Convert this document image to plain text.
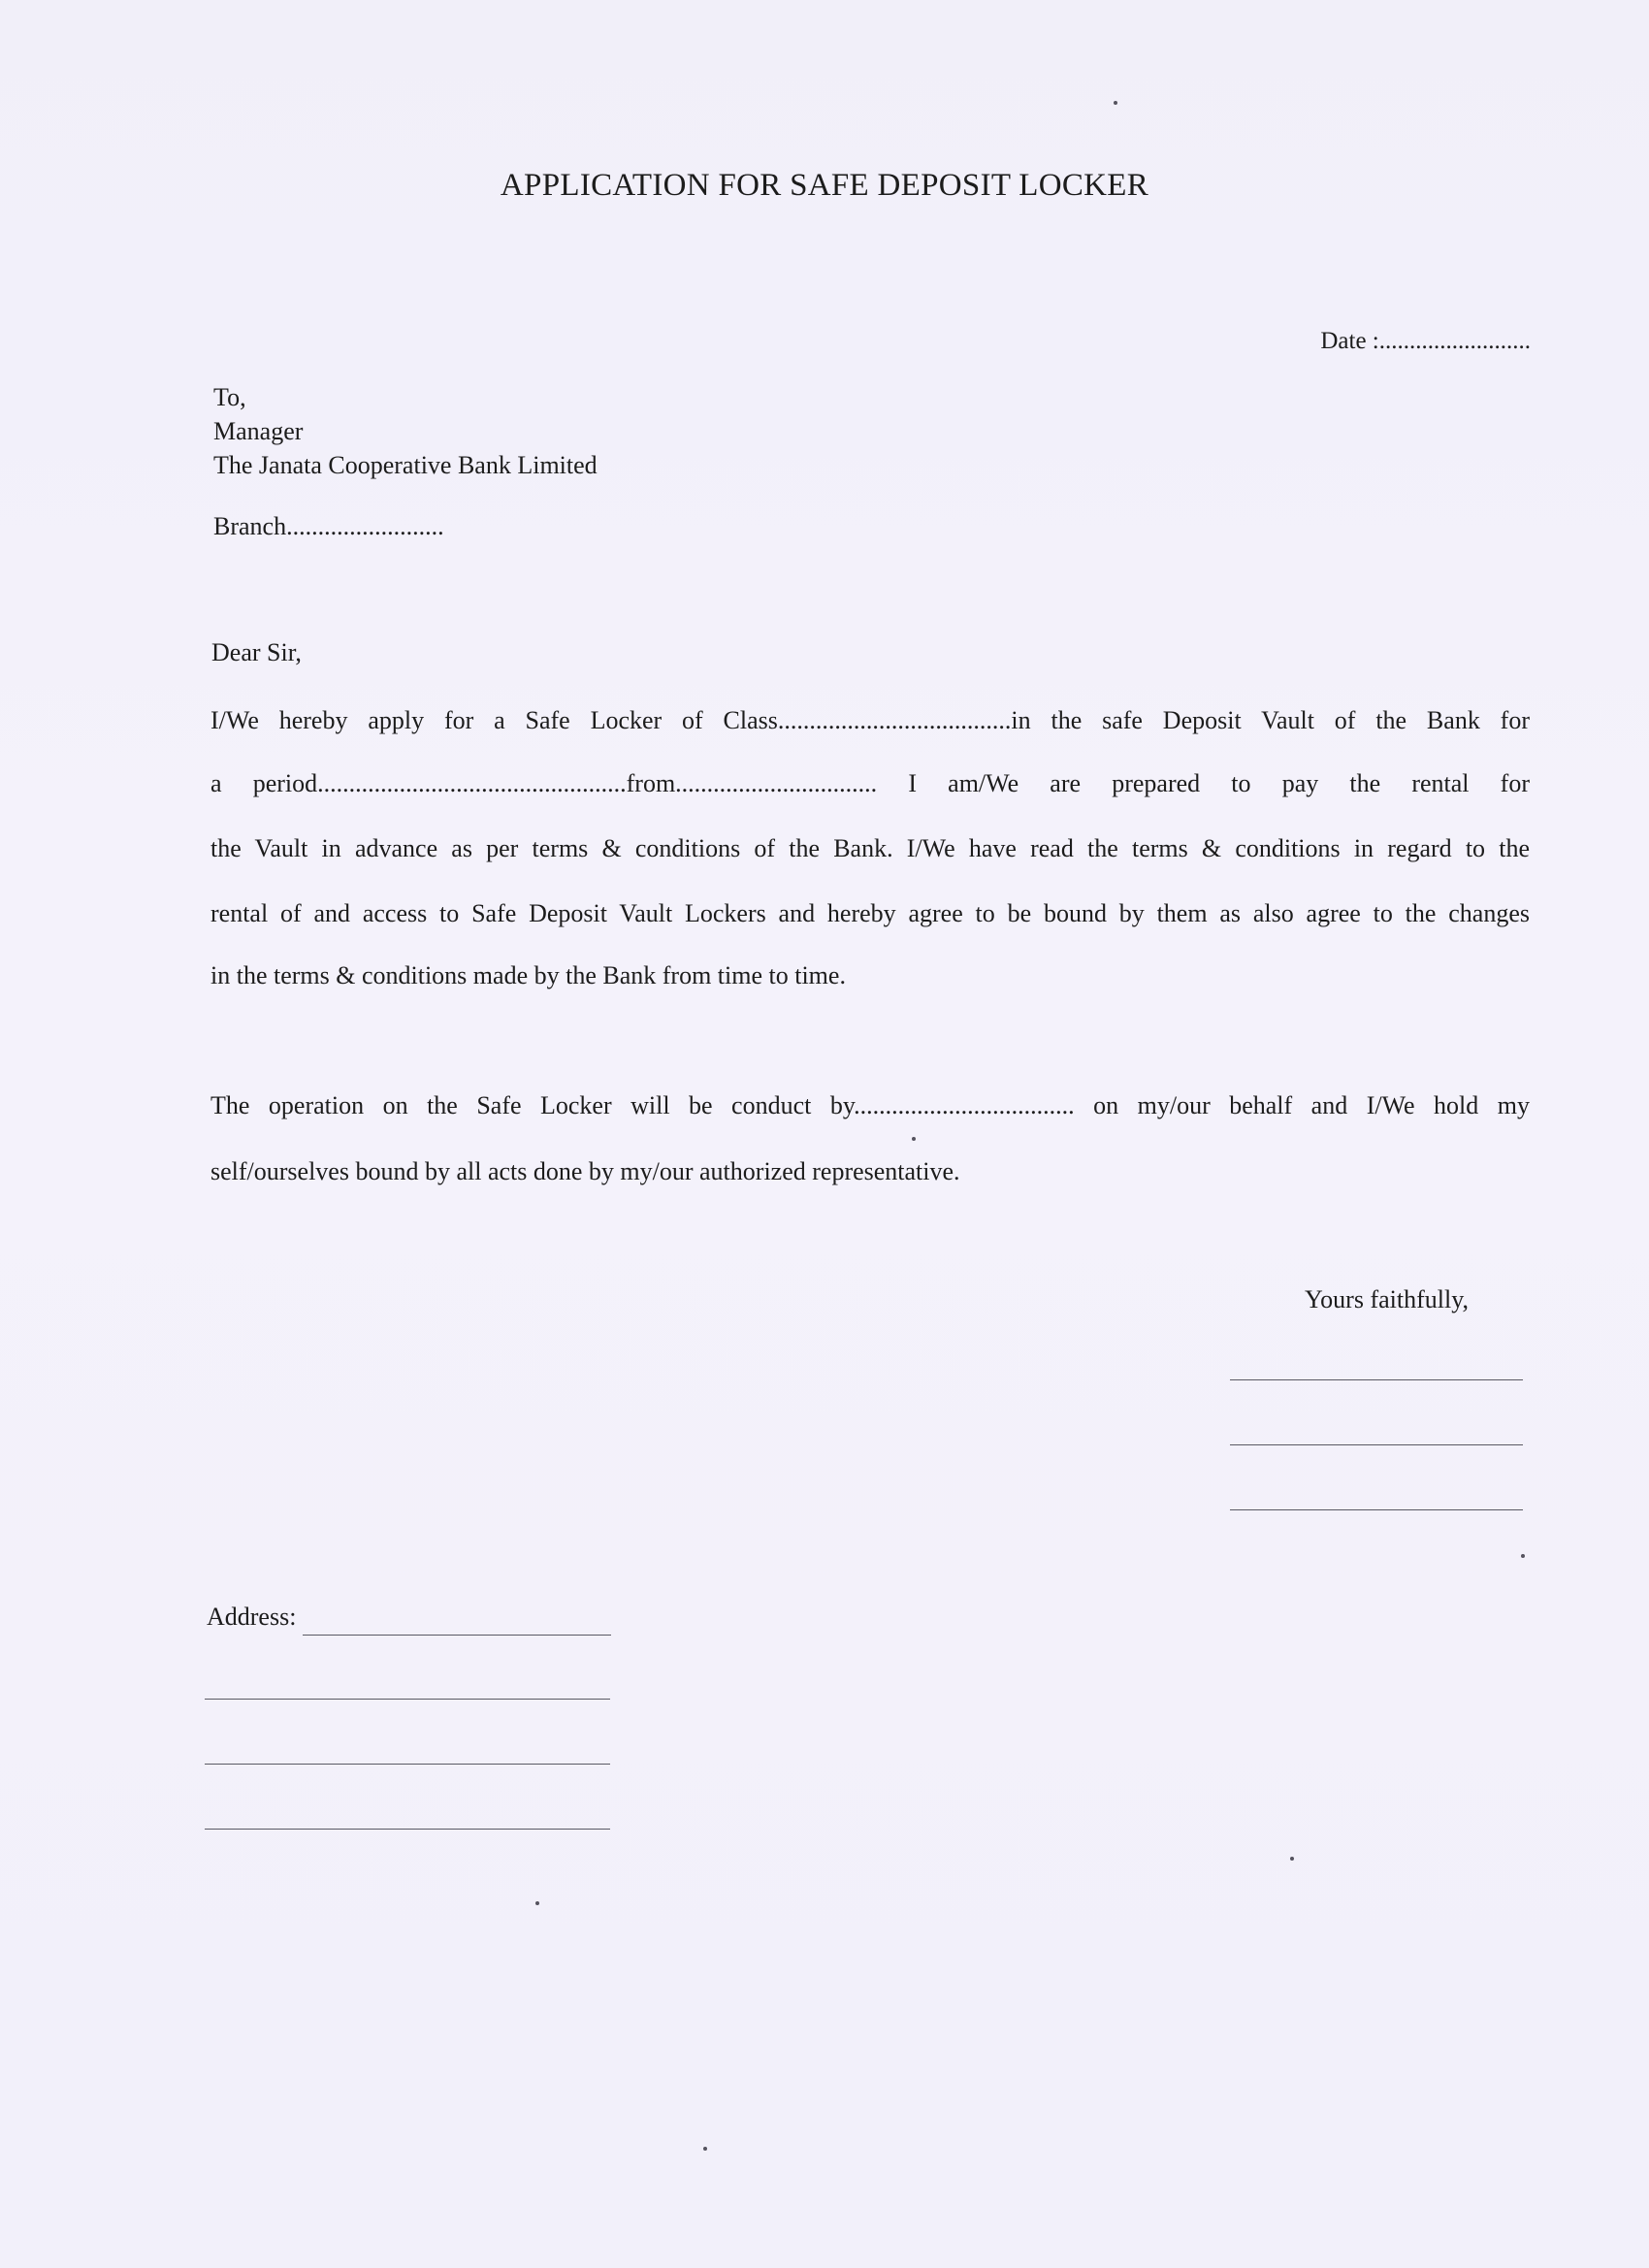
APPLICATION FOR SAFE DEPOSIT LOCKER
Date :.........................
To,
Manager
The Janata Cooperative Bank Limited
Branch.........................
Dear Sir,
I/We hereby apply for a Safe Locker of Class.....................................in the safe Deposit Vault of the Bank for
a period.................................................from................................ I am/We are prepared to pay the rental for
the Vault in advance as per terms & conditions of the Bank. I/We have read the terms & conditions in regard to the
rental of and access to Safe Deposit Vault Lockers and hereby agree to be bound by them as also agree to the changes
in the terms & conditions made by the Bank from time to time.
The operation on the Safe Locker will be conduct by................................... on my/our behalf and I/We hold my
self/ourselves bound by all acts done by my/our authorized representative.
Yours faithfully,
Address:
